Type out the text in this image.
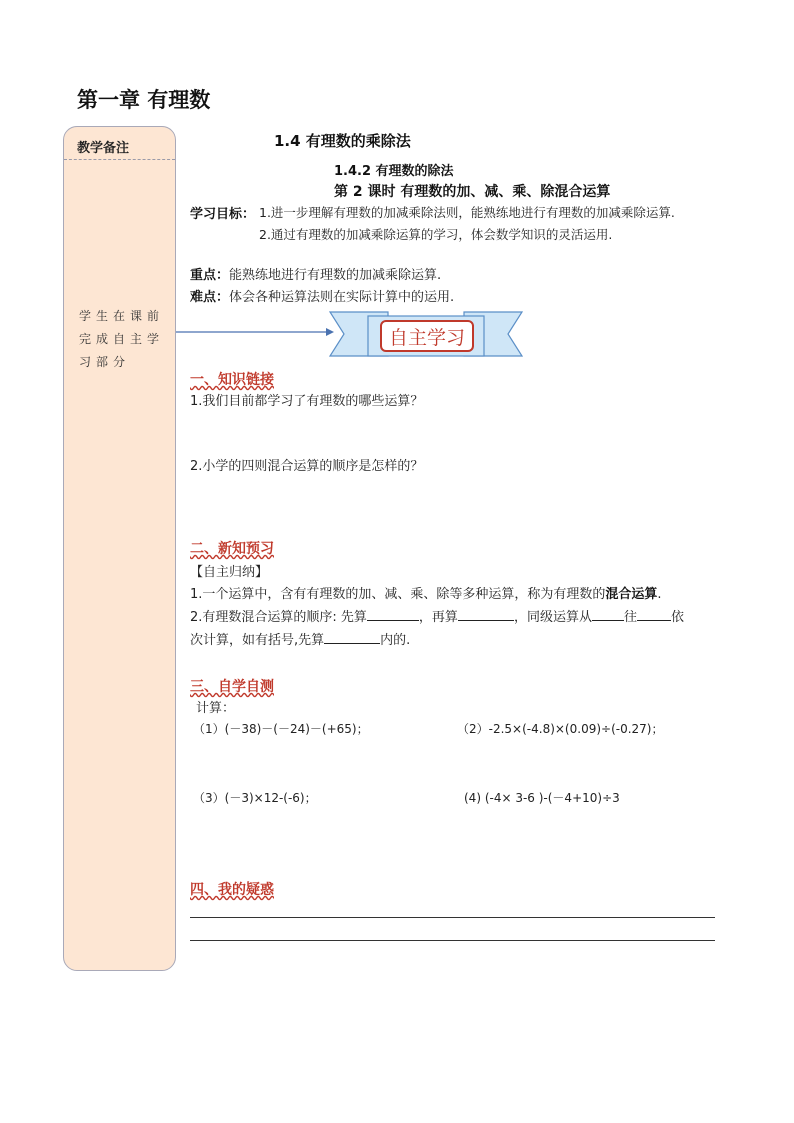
第一章 有理数
教学备注
学生在课前完成自主学习部分
1.4 有理数的乘除法
1.4.2 有理数的除法
第 2 课时 有理数的加、减、乘、除混合运算
学习目标： 1.进一步理解有理数的加减乘除法则，能熟练地进行有理数的加减乘除运算.
2.通过有理数的加减乘除运算的学习，体会数学知识的灵活运用.
重点：能熟练地进行有理数的加减乘除运算.
难点：体会各种运算法则在实际计算中的运用.
自主学习
一、知识链接
1.我们目前都学习了有理数的哪些运算？
2.小学的四则混合运算的顺序是怎样的？
二、新知预习
【自主归纳】
1.一个运算中，含有有理数的加、减、乘、除等多种运算，称为有理数的混合运算.
2.有理数混合运算的顺序: 先算	，再算	，同级运算从 往	依
次计算，如有括号,先算	内的.
三、自学自测
计算：
（1）(－38)－(－24)－(+65)；	（2）-2.5×(-4.8)×(0.09)÷(-0.27)；
（3）(－3)×12-(-6)；	(4) (-4× 3-6 )-(－4+10)÷3
四、我的疑惑
